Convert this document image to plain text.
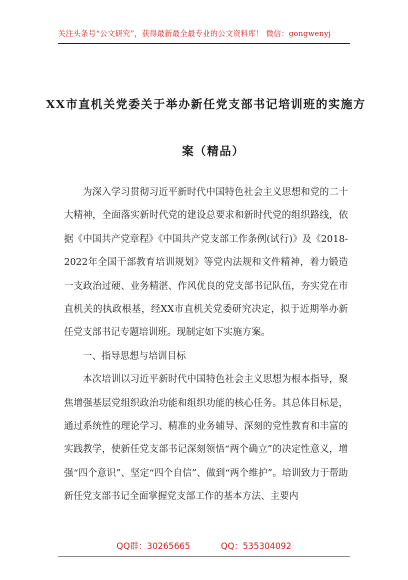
关注头条号“公文研究”，获得最新最全最专业的公文资料库！ 微信：gongwenyj
XX市直机关党委关于举办新任党支部书记培训班的实施方
案（精品）

为深入学习贯彻习近平新时代中国特色社会主义思想和党的二十大精神，全面落实新时代党的建设总要求和新时代党的组织路线，依据《中国共产党章程》《中国共产党支部工作条例(试行)》及《2018-2022年全国干部教育培训规划》等党内法规和文件精神，着力锻造一支政治过硬、业务精湛、作风优良的党支部书记队伍，夯实党在市直机关的执政根基，经XX市直机关党委研究决定，拟于近期举办新任党支部书记专题培训班。现制定如下实施方案。

一、指导思想与培训目标

本次培训以习近平新时代中国特色社会主义思想为根本指导，聚焦增强基层党组织政治功能和组织功能的核心任务。其总体目标是，通过系统性的理论学习、精准的业务辅导、深刻的党性教育和丰富的实践教学，使新任党支部书记深刻领悟“两个确立”的决定性意义，增强“四个意识”、坚定“四个自信”、做到“两个维护”。培训致力于帮助新任党支部书记全面掌握党支部工作的基本方法、主要内

QQ群：30265665	QQ：535304092
